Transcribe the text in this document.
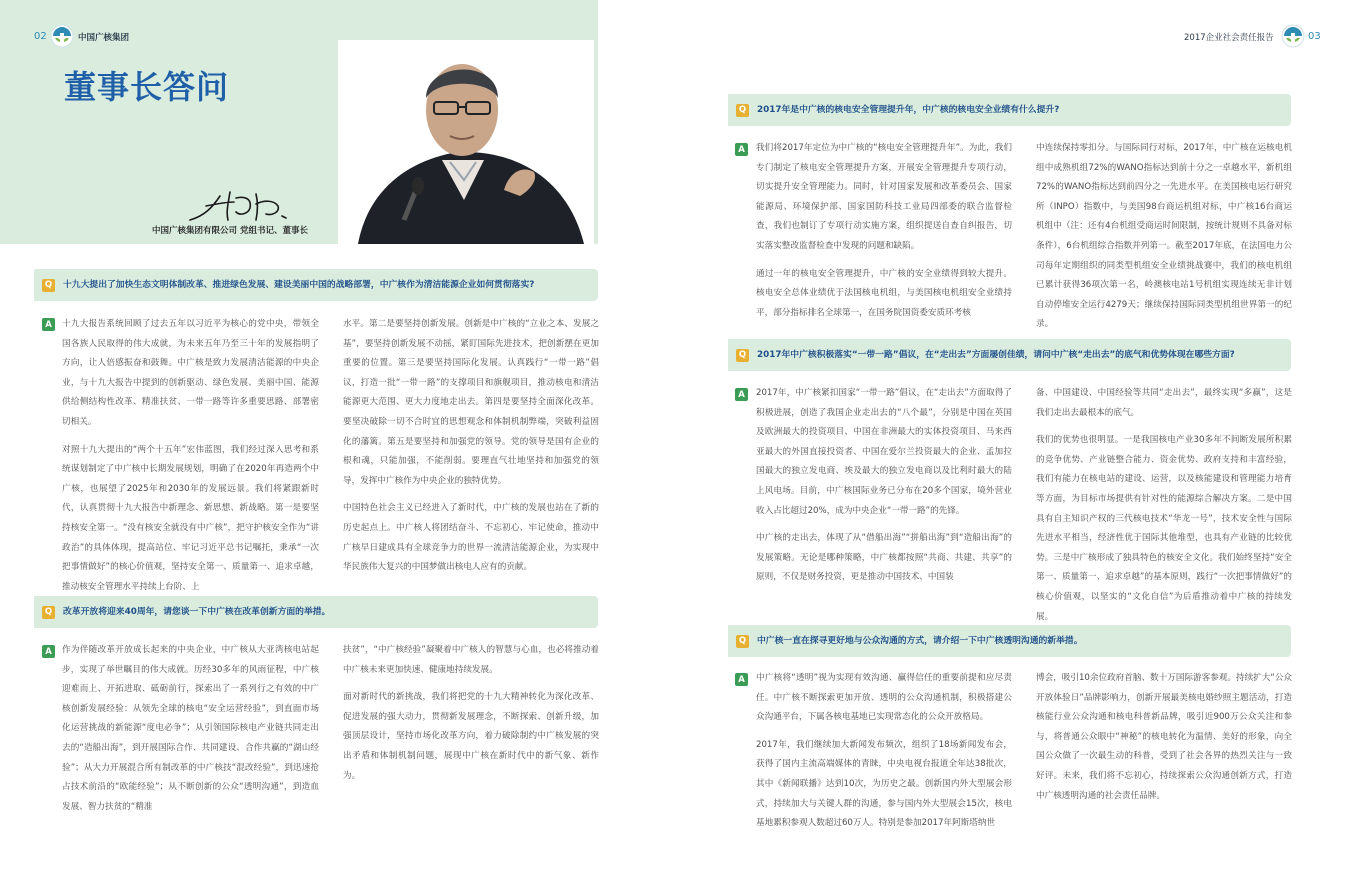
02	中国广核集团	2017企业社会责任报告	03
董事长答问
中国广核集团有限公司 党组书记、董事长
Q	十九大提出了加快生态文明体制改革、推进绿色发展、建设美丽中国的战略部署，中广核作为清洁能源企业如何贯彻落实?
A	十九大报告系统回顾了过去五年以习近平为核心的党中央，带领全国各族人民取得的伟大成就，为未来五年乃至三十年的发展指明了方向，让人倍感振奋和鼓舞。中广核是致力发展清洁能源的中央企业，与十九大报告中提到的创新驱动、绿色发展、美丽中国、能源供给侧结构性改革、精准扶贫、一带一路等许多重要思路、部署密切相关。

对照十九大提出的“两个十五年”宏伟蓝图，我们经过深入思考和系统谋划制定了中广核中长期发展规划，明确了在2020年再造两个中广核，也展望了2025年和2030年的发展远景。我们将紧跟新时代，认真贯彻十九大报告中新理念、新思想、新战略。第一是要坚持核安全第一。“没有核安全就没有中广核”，把守护核安全作为“讲政治”的具体体现，提高站位、牢记习近平总书记嘱托，秉承“一次把事情做好”的核心价值观，坚持安全第一、质量第一、追求卓越，推动核安全管理水平持续上台阶、上

水平。第二是要坚持创新发展。创新是中广核的“立业之本、发展之基”，要坚持创新发展不动摇，紧盯国际先进技术，把创新摆在更加重要的位置。第三是要坚持国际化发展。认真践行“一带一路”倡议，打造一批“一带一路”的支撑项目和旗舰项目，推动核电和清洁能源更大范围、更大力度地走出去。第四是要坚持全面深化改革。要坚决破除一切不合时宜的思想观念和体制机制弊端，突破利益固化的藩篱。第五是要坚持和加强党的领导。党的领导是国有企业的根和魂，只能加强，不能削弱。要理直气壮地坚持和加强党的领导，发挥中广核作为中央企业的独特优势。

中国特色社会主义已经进入了新时代，中广核的发展也站在了新的历史起点上。中广核人将团结奋斗、不忘初心、牢记使命，推动中广核早日建成具有全球竞争力的世界一流清洁能源企业，为实现中华民族伟大复兴的中国梦做出核电人应有的贡献。

Q	改革开放将迎来40周年，请您谈一下中广核在改革创新方面的举措。
A	作为伴随改革开放成长起来的中央企业，中广核从大亚湾核电站起步，实现了举世瞩目的伟大成就。历经30多年的风雨征程，中广核迎难而上、开拓进取、砥砺前行，探索出了一系列行之有效的中广核创新发展经验：从领先全球的核电“安全运营经验”，到直面市场化运营挑战的新能源“度电必争”；从引领国际核电产业链共同走出去的“造船出海”，到开展国际合作、共同建设、合作共赢的“湖山经验”；从大力开展混合所有制改革的中广核技“混改经验”，到迅速抢占技术前沿的“欧能经验”；从不断创新的公众“透明沟通”，到造血发展、智力扶贫的“精准

扶贫”，“中广核经验”凝聚着中广核人的智慧与心血，也必将推动着中广核未来更加快速、健康地持续发展。

面对新时代的新挑战，我们将把党的十九大精神转化为深化改革、促进发展的强大动力，贯彻新发展理念，不断探索、创新升级，加强顶层设计，坚持市场化改革方向，着力破除制约中广核发展的突出矛盾和体制机制问题，展现中广核在新时代中的新气象、新作为。

Q	2017年是中广核的核电安全管理提升年，中广核的核电安全业绩有什么提升?
A	我们将2017年定位为中广核的“核电安全管理提升年”。为此，我们专门制定了核电安全管理提升方案，开展安全管理提升专项行动，切实提升安全管理能力。同时，针对国家发展和改革委员会、国家能源局、环境保护部、国家国防科技工业局四部委的联合监督检查，我们也制订了专项行动实施方案，组织提送自查自纠报告，切实落实整改监督检查中发现的问题和缺陷。

通过一年的核电安全管理提升，中广核的安全业绩得到较大提升。核电安全总体业绩优于法国核电机组，与美国核电机组安全业绩持平，部分指标排名全球第一，在国务院国资委安质环考核

中连续保持零扣分。与国际同行对标，2017年，中广核在运核电机组中成熟机组72%的WANO指标达到前十分之一卓越水平，新机组72%的WANO指标达到前四分之一先进水平。在美国核电运行研究所（INPO）指数中，与美国98台商运机组对标，中广核16台商运机组中（注：还有4台机组受商运时间限制，按统计规则不具备对标条件），6台机组综合指数并列第一。截至2017年底，在法国电力公司每年定期组织的同类型机组安全业绩挑战赛中，我们的核电机组已累计获得36项次第一名，岭澳核电站1号机组实现连续无非计划自动停堆安全运行4279天；继续保持国际同类型机组世界第一的纪录。

Q	2017年中广核积极落实“一带一路”倡议，在“走出去”方面屡创佳绩，请问中广核“走出去”的底气和优势体现在哪些方面?
A	2017年，中广核紧扣国家“一带一路”倡议，在“走出去”方面取得了积极进展，创造了我国企业走出去的“八个最”，分别是中国在英国及欧洲最大的投资项目、中国在非洲最大的实体投资项目、马来西亚最大的外国直接投资者、中国在爱尔兰投资最大的企业、孟加拉国最大的独立发电商、埃及最大的独立发电商以及比利时最大的陆上风电场。目前，中广核国际业务已分布在20多个国家，境外营业收入占比超过20%，成为中央企业“一带一路”的先锋。

中广核的走出去，体现了从“借船出海”“拼船出海”到“造船出海”的发展策略。无论是哪种策略，中广核都按照“共商、共建、共享”的原则，不仅是财务投资，更是推动中国技术、中国装

备、中国建设、中国经验等共同“走出去”，最终实现“多赢”，这是我们走出去最根本的底气。

我们的优势也很明显。一是我国核电产业30多年不间断发展所积累的竞争优势、产业链整合能力、资金优势、政府支持和丰富经验，我们有能力在核电站的建设、运营，以及核能建设和管理能力培育等方面，为目标市场提供有针对性的能源综合解决方案。二是中国具有自主知识产权的三代核电技术“华龙一号”，技术安全性与国际先进水平相当，经济性优于国际其他堆型，也具有产业链的比较优势。三是中广核形成了独具特色的核安全文化。我们始终坚持“安全第一、质量第一、追求卓越”的基本原则，践行“一次把事情做好”的核心价值观，以坚实的“文化自信”为后盾推动着中广核的持续发展。

Q	中广核一直在探寻更好地与公众沟通的方式，请介绍一下中广核透明沟通的新举措。
A	中广核将“透明”视为实现有效沟通、赢得信任的重要前提和应尽责任。中广核不断探索更加开放、透明的公众沟通机制，积极搭建公众沟通平台，下属各核电基地已实现常态化的公众开放格局。

2017年，我们继续加大新闻发布频次，组织了18场新闻发布会，获得了国内主流高端媒体的青睐，中央电视台报道全年达38批次，其中《新闻联播》达到10次，为历史之最。创新国内外大型展会形式，持续加大与关键人群的沟通，参与国内外大型展会15次，核电基地累积参观人数超过60万人。特别是参加2017年阿斯塔纳世

博会，吸引10余位政府首脑、数十万国际游客参观。持续扩大“公众开放体验日”品牌影响力，创新开展最美核电婚纱照主题活动，打造核能行业公众沟通和核电科普新品牌，吸引近900万公众关注和参与，将普通公众眼中“神秘”的核电转化为温情、美好的形象，向全国公众做了一次最生动的科普，受到了社会各界的热烈关注与一致好评。未来，我们将不忘初心，持续探索公众沟通创新方式，打造中广核透明沟通的社会责任品牌。
